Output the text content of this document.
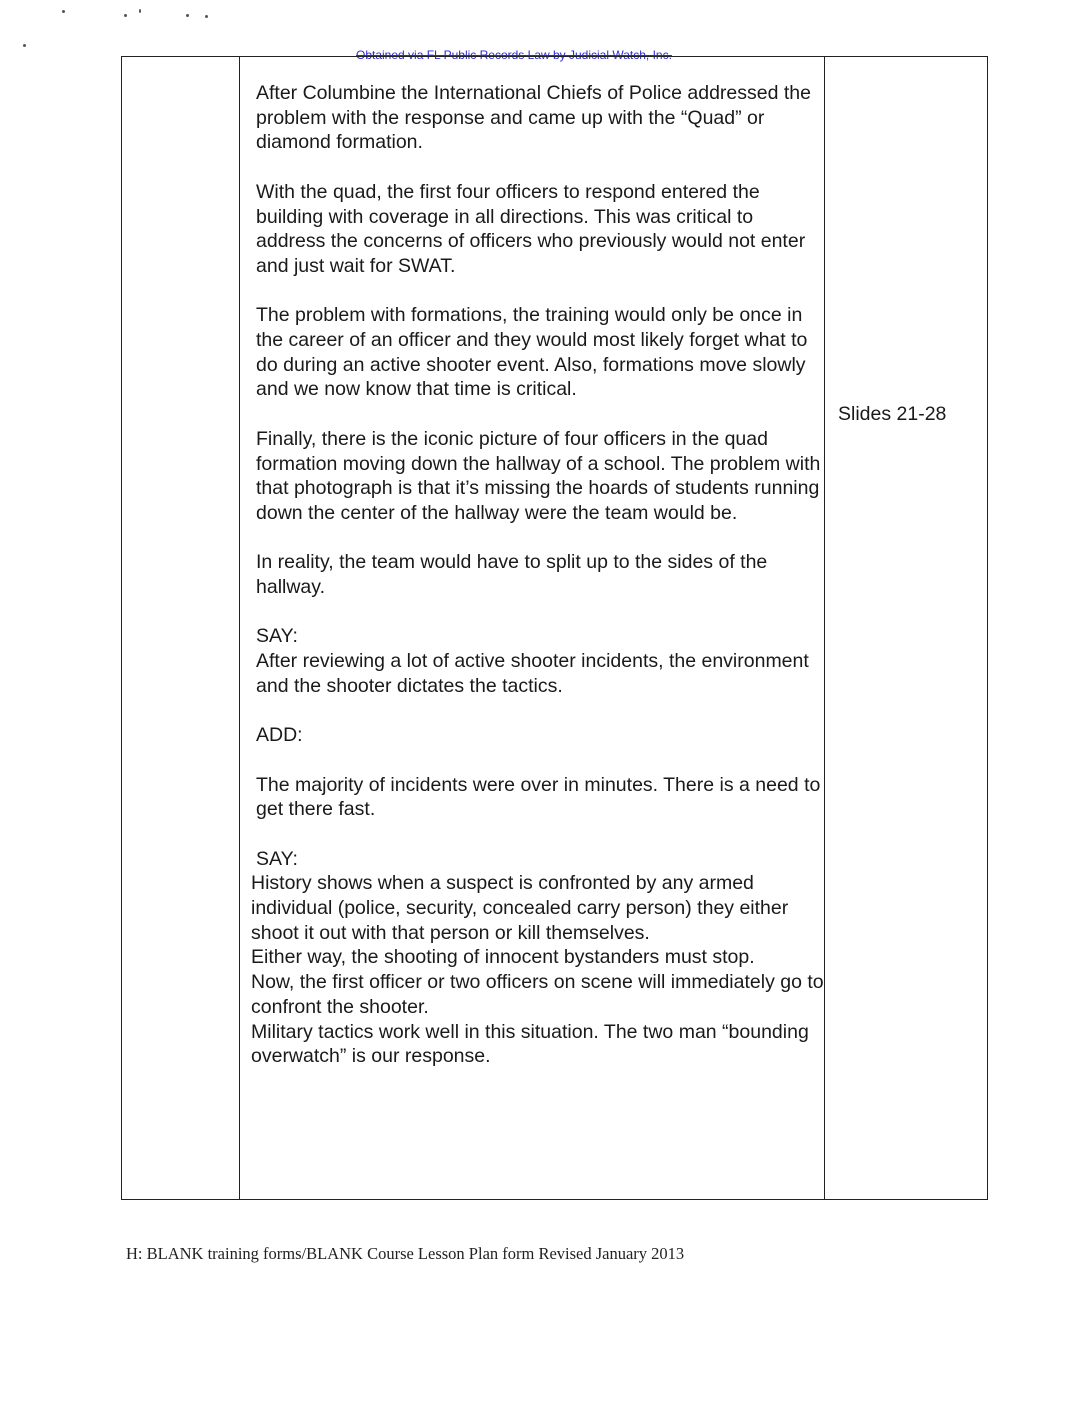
Obtained via FL Public Records Law by Judicial Watch, Inc.

After Columbine the International Chiefs of Police addressed the problem with the response and came up with the “Quad” or diamond formation.

With the quad, the first four officers to respond entered the building with coverage in all directions. This was critical to address the concerns of officers who previously would not enter and just wait for SWAT.

The problem with formations, the training would only be once in the career of an officer and they would most likely forget what to do during an active shooter event. Also, formations move slowly and we now know that time is critical.

Finally, there is the iconic picture of four officers in the quad formation moving down the hallway of a school. The problem with that photograph is that it’s missing the hoards of students running down the center of the hallway were the team would be.

In reality, the team would have to split up to the sides of the hallway.

SAY:

After reviewing a lot of active shooter incidents, the environment and the shooter dictates the tactics.

ADD:

The majority of incidents were over in minutes. There is a need to get there fast.

SAY:

History shows when a suspect is confronted by any armed individual (police, security, concealed carry person) they either shoot it out with that person or kill themselves.

Either way, the shooting of innocent bystanders must stop.

Now, the first officer or two officers on scene will immediately go to confront the shooter.

Military tactics work well in this situation. The two man “bounding overwatch” is our response.

Slides 21-28
H: BLANK training forms/BLANK Course Lesson Plan form Revised January 2013
